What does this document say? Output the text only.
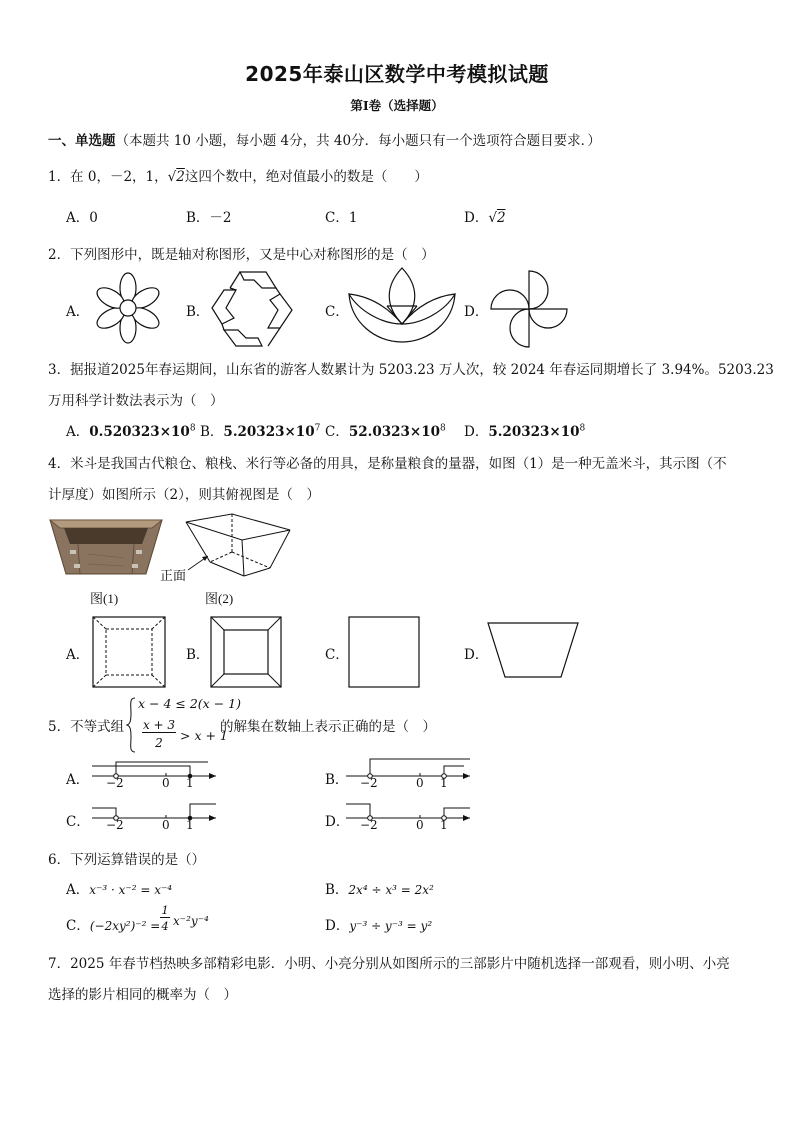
2025年泰山区数学中考模拟试题
第Ⅰ卷（选择题）
一、单选题（本题共 10 小题，每小题 4分，共 40分．每小题只有一个选项符合题目要求．）
1．在 0，－2，1，√2这四个数中，绝对值最小的数是（　　）
A．0	B．－2	C．1	D．√2
2．下列图形中，既是轴对称图形，又是中心对称图形的是（　）
A．	B．	C．	D．
3．据报道2025年春运期间，山东省的游客人数累计为 5203.23 万人次，较 2024 年春运同期增长了 3.94%。5203.23
万用科学计数法表示为（　）
A．$0.520323\times 10^8$ B．$5.20323\times 10^7$ C．$52.0323\times 10^8$ D．$5.20323\times 10^8$
4．米斗是我国古代粮仓、粮栈、米行等必备的用具，是称量粮食的量器，如图（1）是一种无盖米斗，其示图（不
计厚度）如图所示（2），则其俯视图是（　）
图(1)
正面
图(2)
A．	B．	C．	D．
5．不等式组
x − 4 ≤ 2(x − 1)
x + 3
2	> x + 1
的解集在数轴上表示正确的是（　）
A．	B．
C．	D．
−2	0 1	−2	0 1
−2	0 1	−2	0 1
6．下列运算错误的是（）
A．x⁻³ · x⁻² = x⁻⁴	B．2x⁴ ÷ x³ = 2x²
C．(−2xy²)⁻² =
1
4 x⁻²y⁻⁴	D．y⁻³ ÷ y⁻³ = y²
7．2025 年春节档热映多部精彩电影．小明、小亮分别从如图所示的三部影片中随机选择一部观看，则小明、小亮
选择的影片相同的概率为（　）
